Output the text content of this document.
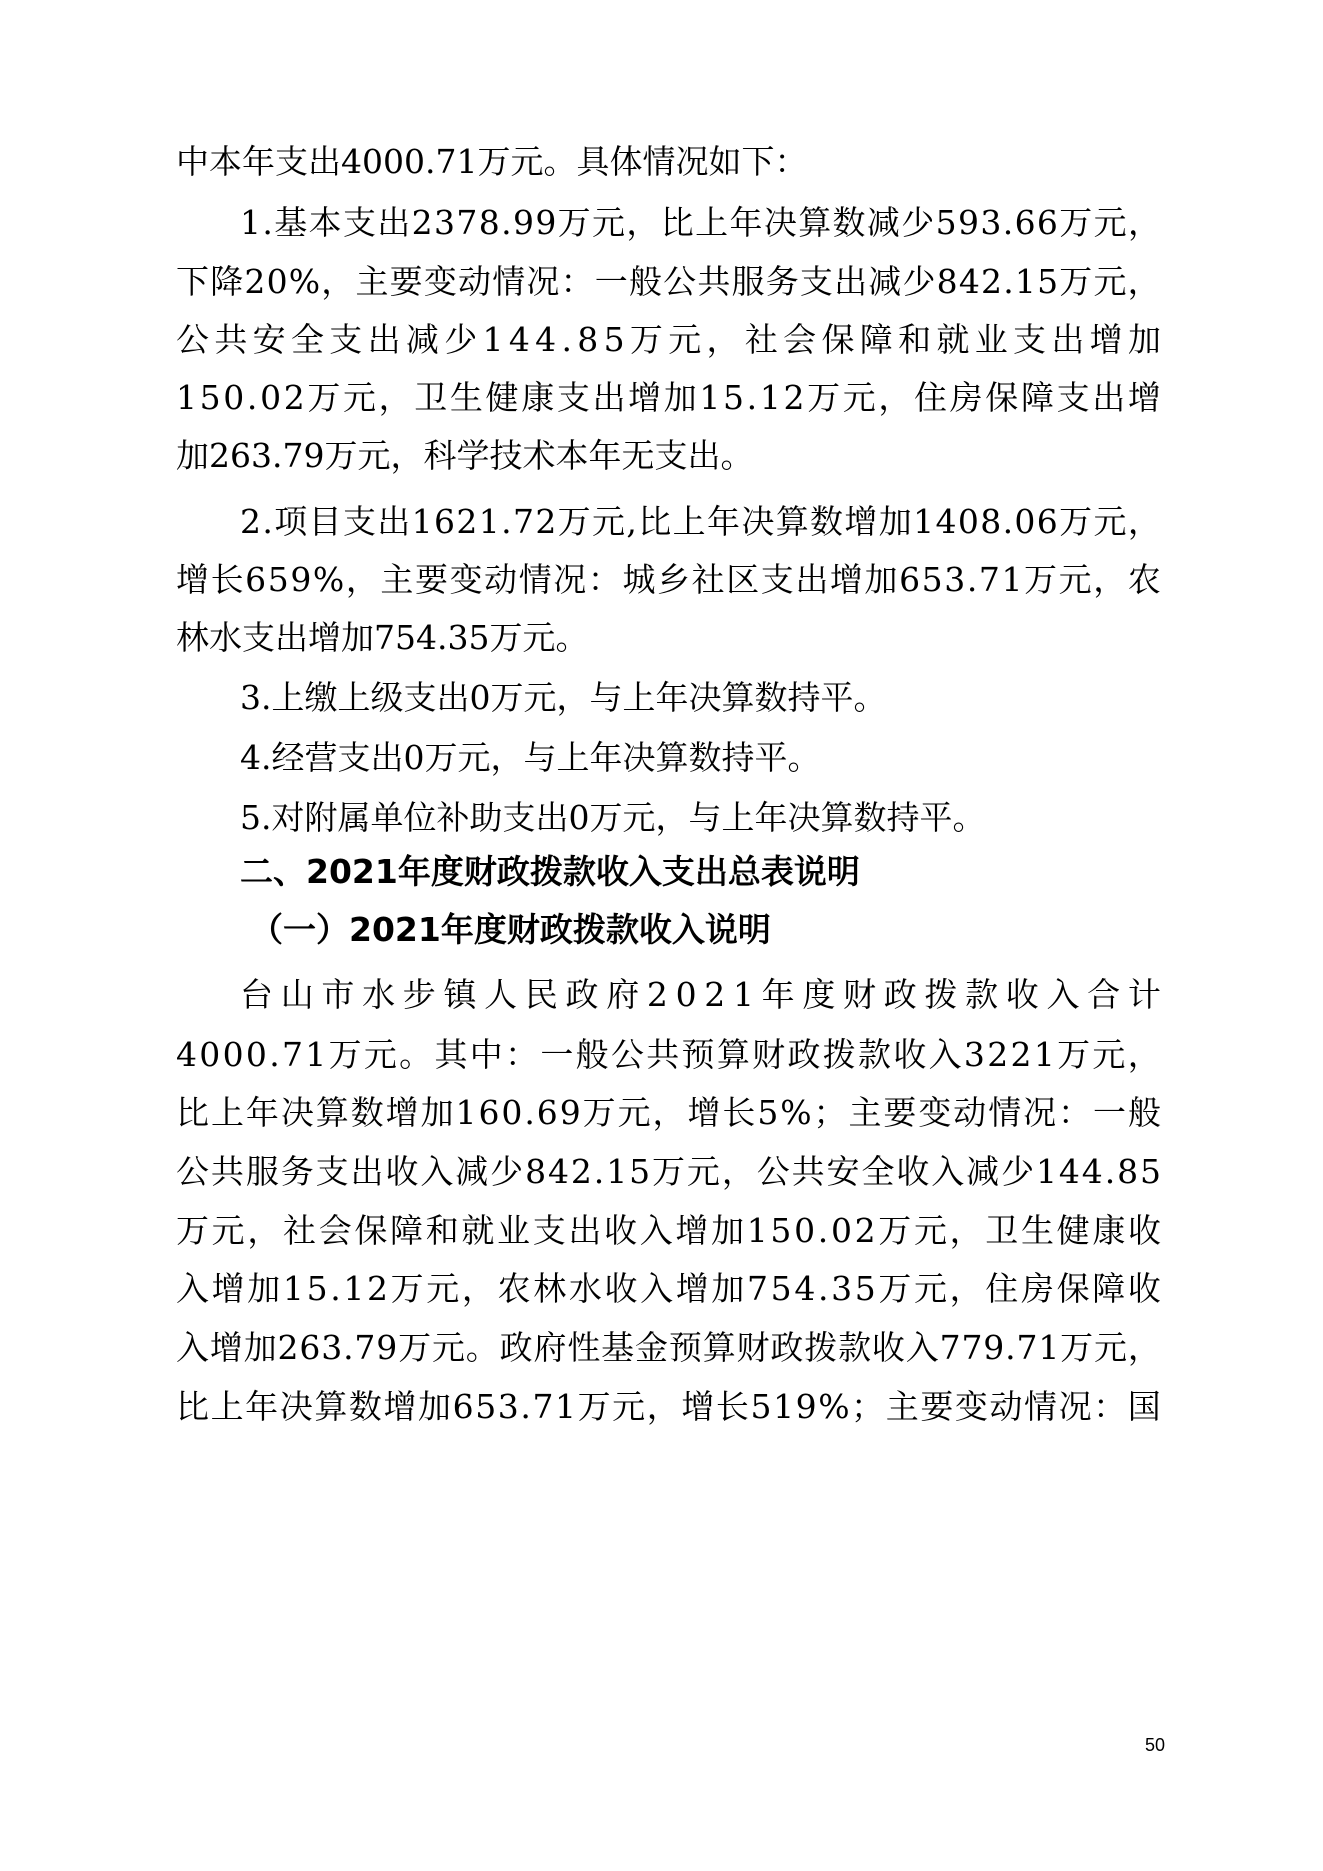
中本年支出4000.71万元。具体情况如下：
1 . 基 本 支 出 2 3 7 8 . 9 9 万 元 ， 比 上 年 决 算 数 减 少 5 9 3 . 6 6 万 元 ，
下 降 2 0 % ， 主 要 变 动 情 况 ： 一 般 公 共 服 务 支 出 减 少 8 4 2 . 1 5 万 元 ，
公 共 安 全 支 出 减 少 1 4 4 . 8 5 万 元 ， 社 会 保 障 和 就 业 支 出 增 加
1 5 0 . 0 2 万 元 ， 卫 生 健 康 支 出 增 加 1 5 . 1 2 万 元 ， 住 房 保 障 支 出 增
加263.79万元，科学技术本年无支出。
2 . 项 目 支 出 1 6 2 1 . 7 2 万 元 , 比 上 年 决 算 数 增 加 1 4 0 8 . 0 6 万 元 ，
增 长 6 5 9 % ， 主 要 变 动 情 况 ： 城 乡 社 区 支 出 增 加 6 5 3 . 7 1 万 元 ， 农
林水支出增加754.35万元。
3.上缴上级支出0万元，与上年决算数持平。
4.经营支出0万元，与上年决算数持平。
5.对附属单位补助支出0万元，与上年决算数持平。
二、2021年度财政拨款收入支出总表说明
（一）2021年度财政拨款收入说明
台 山 市 水 步 镇 人 民 政 府 2 0 2 1 年 度 财 政 拨 款 收 入 合 计
4 0 0 0 . 7 1 万 元 。 其 中 ： 一 般 公 共 预 算 财 政 拨 款 收 入 3 2 2 1 万 元 ，
比 上 年 决 算 数 增 加 1 6 0 . 6 9 万 元 ， 增 长 5 % ； 主 要 变 动 情 况 ： 一 般
公 共 服 务 支 出 收 入 减 少 8 4 2 . 1 5 万 元 ， 公 共 安 全 收 入 减 少 1 4 4 . 8 5
万 元 ， 社 会 保 障 和 就 业 支 出 收 入 增 加 1 5 0 . 0 2 万 元 ， 卫 生 健 康 收
入 增 加 1 5 . 1 2 万 元 ， 农 林 水 收 入 增 加 7 5 4 . 3 5 万 元 ， 住 房 保 障 收
入 增 加 2 6 3 . 7 9 万 元 。 政 府 性 基 金 预 算 财 政 拨 款 收 入 7 7 9 . 7 1 万 元 ，
比 上 年 决 算 数 增 加 6 5 3 . 7 1 万 元 ， 增 长 5 1 9 % ； 主 要 变 动 情 况 ： 国
50
